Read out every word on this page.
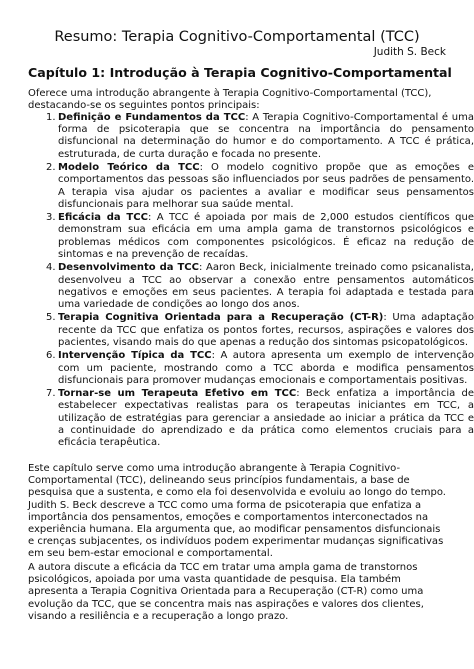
Resumo: Terapia Cognitivo-Comportamental (TCC)
Judith S. Beck
Capítulo 1: Introdução à Terapia Cognitivo-Comportamental
Oferece uma introdução abrangente à Terapia Cognitivo-Comportamental (TCC), destacando-se os seguintes pontos principais:
Definição e Fundamentos da TCC: A Terapia Cognitivo-Comportamental é uma forma de psicoterapia que se concentra na importância do pensamento disfuncional na determinação do humor e do comportamento. A TCC é prática, estruturada, de curta duração e focada no presente.
Modelo Teórico da TCC: O modelo cognitivo propõe que as emoções e comportamentos das pessoas são influenciados por seus padrões de pensamento. A terapia visa ajudar os pacientes a avaliar e modificar seus pensamentos disfuncionais para melhorar sua saúde mental.
Eficácia da TCC: A TCC é apoiada por mais de 2,000 estudos científicos que demonstram sua eficácia em uma ampla gama de transtornos psicológicos e problemas médicos com componentes psicológicos. É eficaz na redução de sintomas e na prevenção de recaídas.
Desenvolvimento da TCC: Aaron Beck, inicialmente treinado como psicanalista, desenvolveu a TCC ao observar a conexão entre pensamentos automáticos negativos e emoções em seus pacientes. A terapia foi adaptada e testada para uma variedade de condições ao longo dos anos.
Terapia Cognitiva Orientada para a Recuperação (CT-R): Uma adaptação recente da TCC que enfatiza os pontos fortes, recursos, aspirações e valores dos pacientes, visando mais do que apenas a redução dos sintomas psicopatológicos.
Intervenção Típica da TCC: A autora apresenta um exemplo de intervenção com um paciente, mostrando como a TCC aborda e modifica pensamentos disfuncionais para promover mudanças emocionais e comportamentais positivas.
Tornar-se um Terapeuta Efetivo em TCC: Beck enfatiza a importância de estabelecer expectativas realistas para os terapeutas iniciantes em TCC, a utilização de estratégias para gerenciar a ansiedade ao iniciar a prática da TCC e a continuidade do aprendizado e da prática como elementos cruciais para a eficácia terapêutica.
Este capítulo serve como uma introdução abrangente à Terapia Cognitivo-Comportamental (TCC), delineando seus princípios fundamentais, a base de pesquisa que a sustenta, e como ela foi desenvolvida e evoluiu ao longo do tempo. Judith S. Beck descreve a TCC como uma forma de psicoterapia que enfatiza a importância dos pensamentos, emoções e comportamentos interconectados na experiência humana. Ela argumenta que, ao modificar pensamentos disfuncionais e crenças subjacentes, os indivíduos podem experimentar mudanças significativas em seu bem-estar emocional e comportamental.
A autora discute a eficácia da TCC em tratar uma ampla gama de transtornos psicológicos, apoiada por uma vasta quantidade de pesquisa. Ela também apresenta a Terapia Cognitiva Orientada para a Recuperação (CT-R) como uma evolução da TCC, que se concentra mais nas aspirações e valores dos clientes, visando a resiliência e a recuperação a longo prazo.
